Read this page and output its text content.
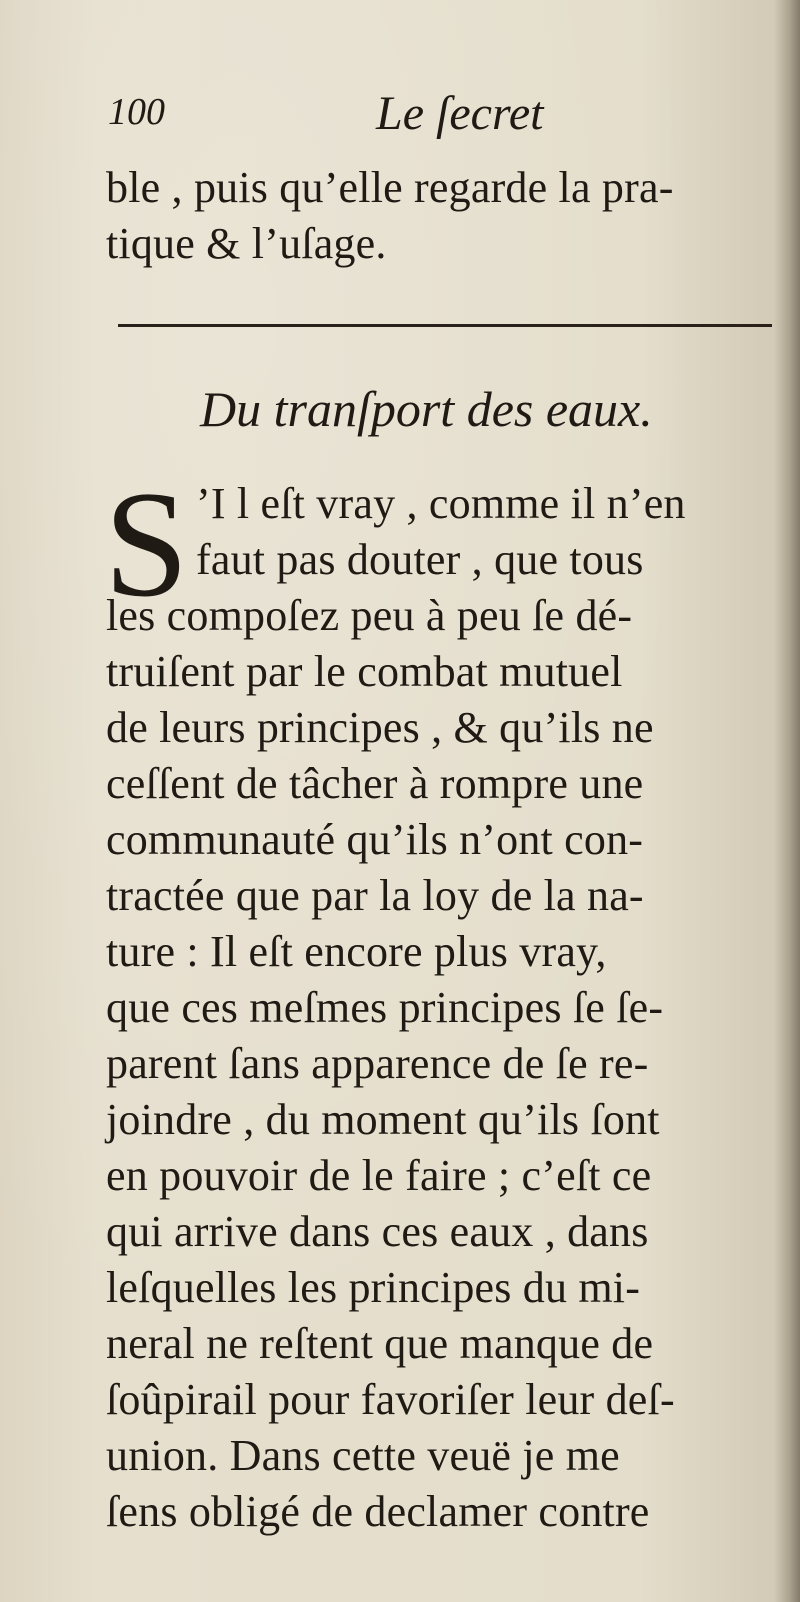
100	Le ſecret
ble , puis qu’elle regarde la pra-
tique & l’uſage.
Du tranſport des eaux.
S ’I l eſt vray , comme il n’en
faut pas douter , que tous
les compoſez peu à peu ſe dé-
truiſent par le combat mutuel
de leurs principes , & qu’ils ne
ceſſent de tâcher à rompre une
communauté qu’ils n’ont con-
tractée que par la loy de la na-
ture : Il eſt encore plus vray,
que ces meſmes principes ſe ſe-
parent ſans apparence de ſe re-
joindre , du moment qu’ils ſont
en pouvoir de le faire ; c’eſt ce
qui arrive dans ces eaux , dans
leſquelles les principes du mi-
neral ne reſtent que manque de
ſoûpirail pour favoriſer leur deſ-
union. Dans cette veuë je me
ſens obligé de declamer contre
